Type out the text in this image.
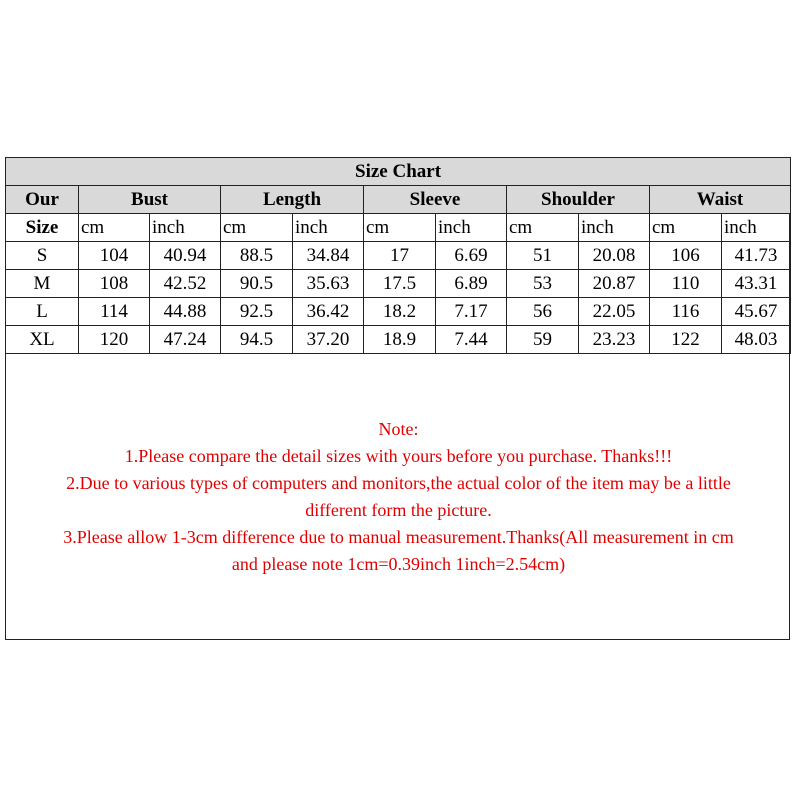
Size Chart										
Our	Bust		Length		Sleeve		Shoulder		Waist	
Size	cm	inch	cm	inch	cm	inch	cm	inch	cm	inch
S	104	40.94	88.5	34.84	17	6.69	51	20.08	106	41.73
M	108	42.52	90.5	35.63	17.5	6.89	53	20.87	110	43.31
L	114	44.88	92.5	36.42	18.2	7.17	56	22.05	116	45.67
XL	120	47.24	94.5	37.20	18.9	7.44	59	23.23	122	48.03
Note:
1.Please compare the detail sizes with yours before you purchase. Thanks!!!
2.Due to various types of computers and monitors,the actual color of the item may be a little
different form the picture.
3.Please allow 1-3cm difference due to manual measurement.Thanks(All measurement in cm
and please note 1cm=0.39inch 1inch=2.54cm)
